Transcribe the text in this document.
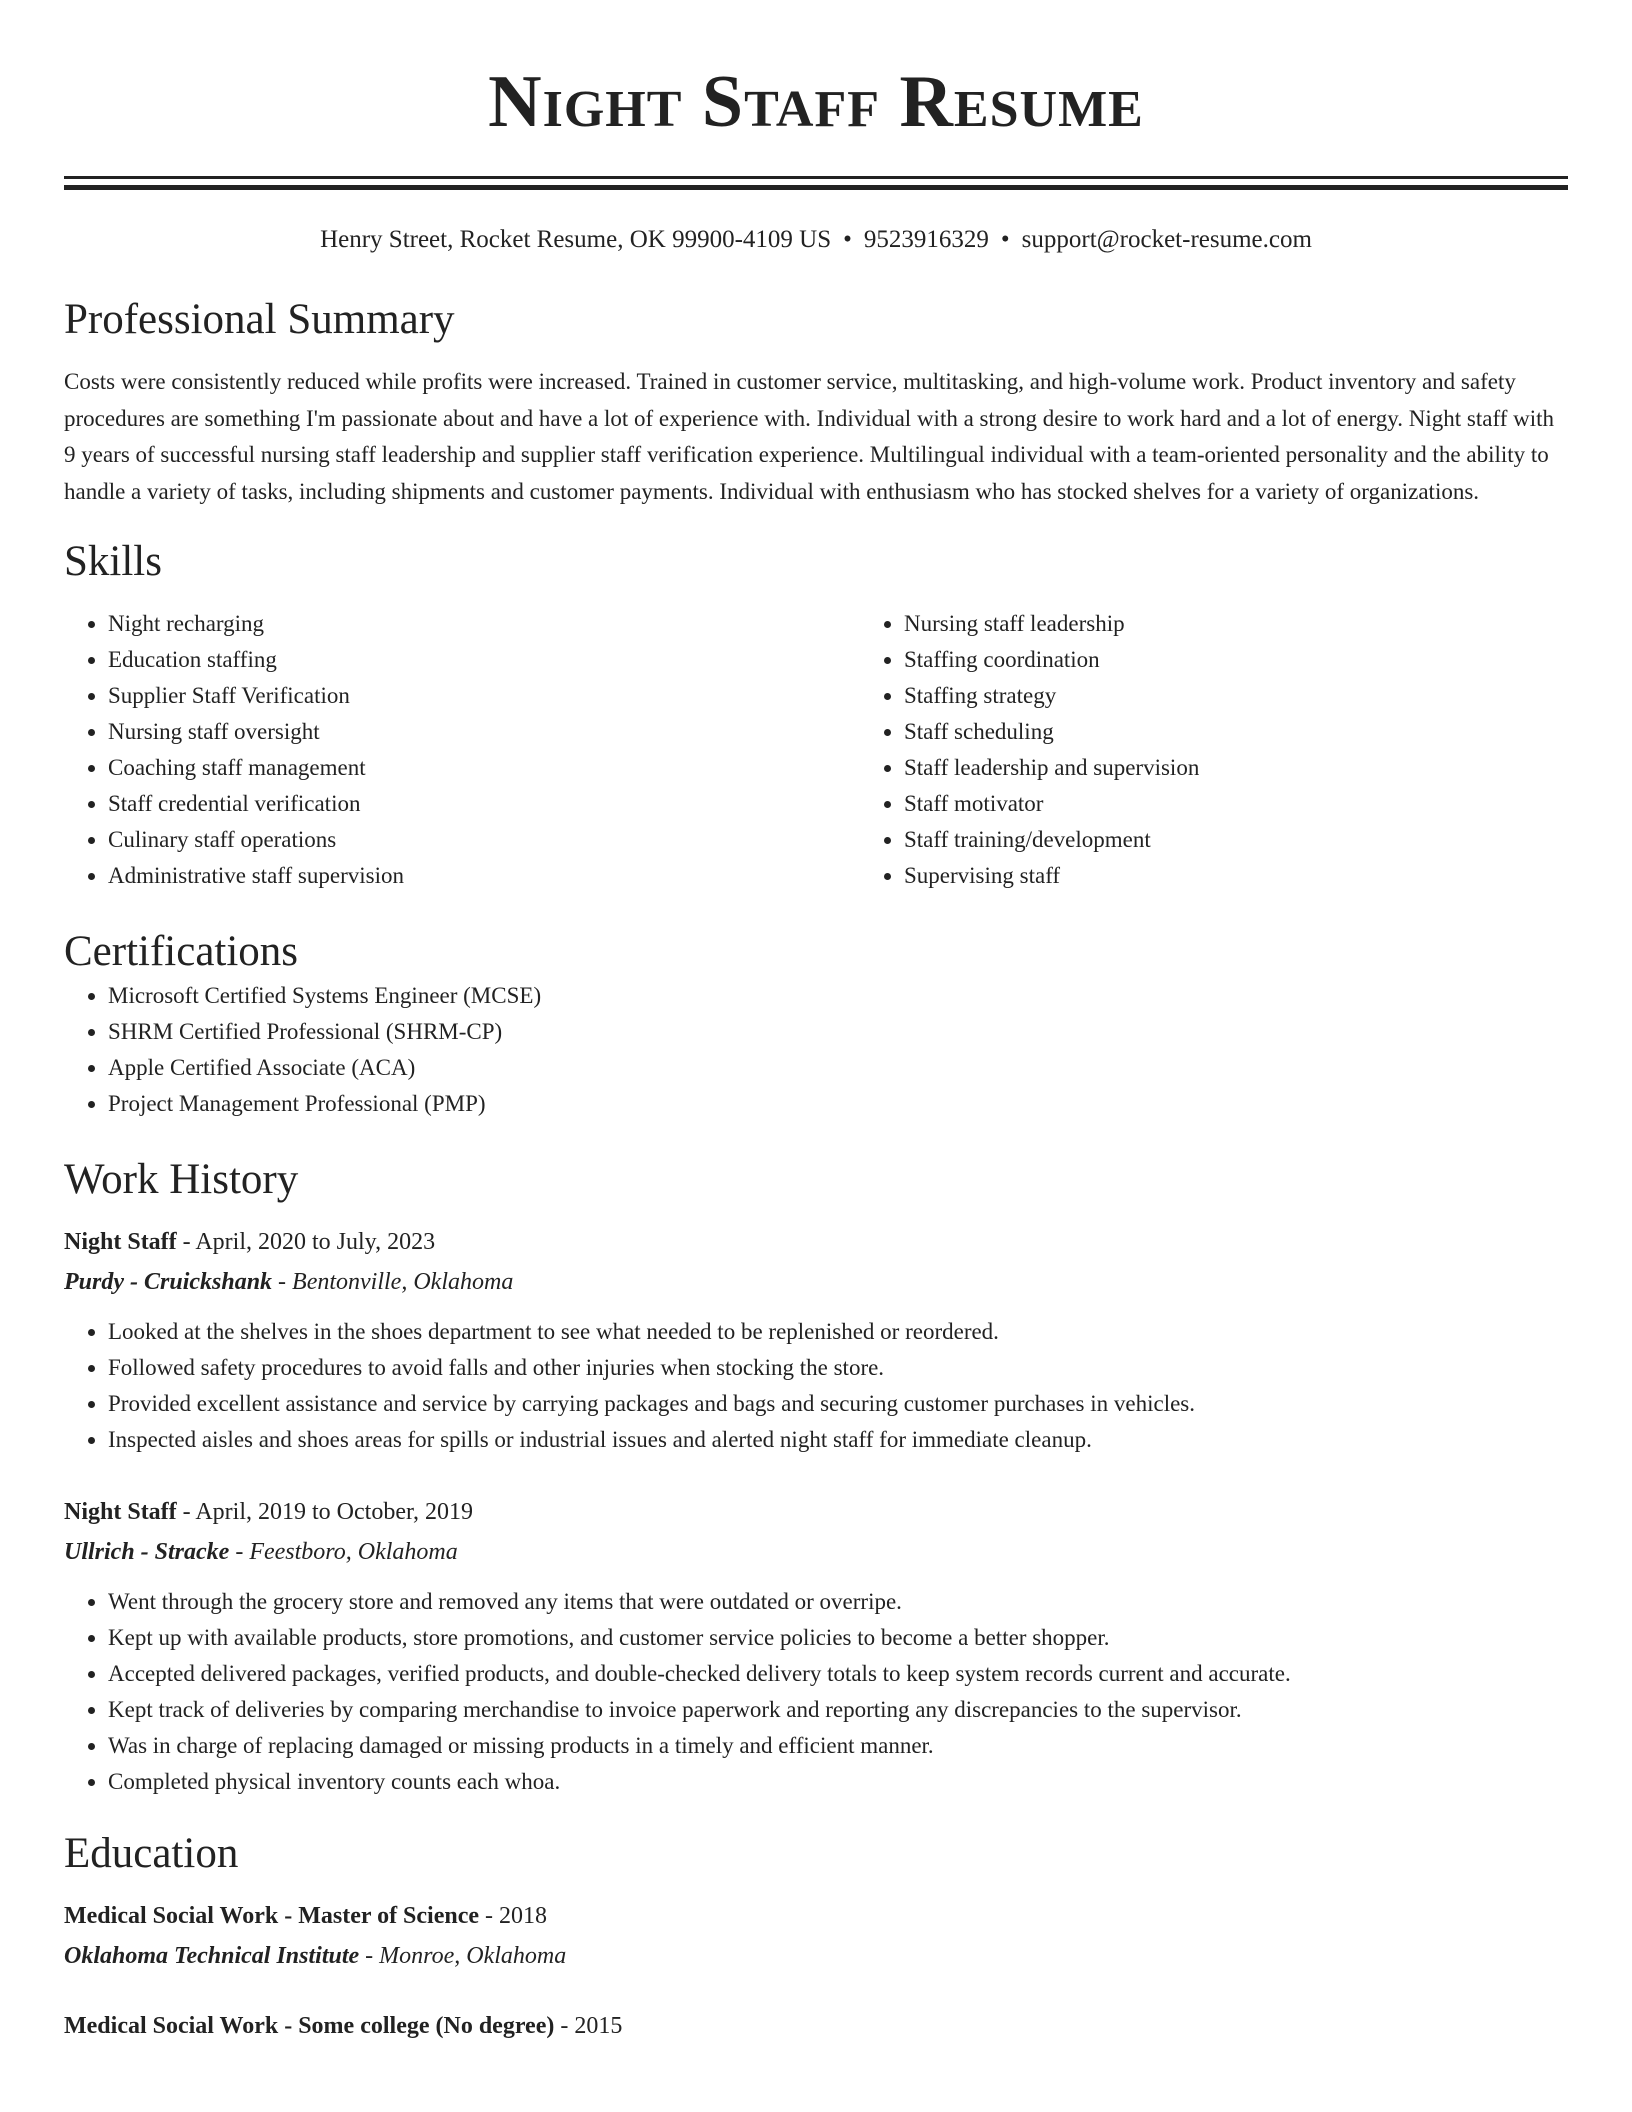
Night Staff Resume
Henry Street, Rocket Resume, OK 99900-4109 US • 9523916329 • support@rocket-resume.com
Professional Summary

Costs were consistently reduced while profits were increased. Trained in customer service, multitasking, and high-volume work. Product inventory and safety procedures are something I'm passionate about and have a lot of experience with. Individual with a strong desire to work hard and a lot of energy. Night staff with 9 years of successful nursing staff leadership and supplier staff verification experience. Multilingual individual with a team-oriented personality and the ability to handle a variety of tasks, including shipments and customer payments. Individual with enthusiasm who has stocked shelves for a variety of organizations.

Skills
• Night recharging
• Education staffing
• Supplier Staff Verification
• Nursing staff oversight
• Coaching staff management
• Staff credential verification
• Culinary staff operations
• Administrative staff supervision
• Nursing staff leadership
• Staffing coordination
• Staffing strategy
• Staff scheduling
• Staff leadership and supervision
• Staff motivator
• Staff training/development
• Supervising staff
Certifications
• Microsoft Certified Systems Engineer (MCSE)
• SHRM Certified Professional (SHRM-CP)
• Apple Certified Associate (ACA)
• Project Management Professional (PMP)
Work History
Night Staff - April, 2020 to July, 2023
Purdy - Cruickshank - Bentonville, Oklahoma
• Looked at the shelves in the shoes department to see what needed to be replenished or reordered.
• Followed safety procedures to avoid falls and other injuries when stocking the store.
• Provided excellent assistance and service by carrying packages and bags and securing customer purchases in vehicles.
• Inspected aisles and shoes areas for spills or industrial issues and alerted night staff for immediate cleanup.
Night Staff - April, 2019 to October, 2019
Ullrich - Stracke - Feestboro, Oklahoma
• Went through the grocery store and removed any items that were outdated or overripe.
• Kept up with available products, store promotions, and customer service policies to become a better shopper.
• Accepted delivered packages, verified products, and double-checked delivery totals to keep system records current and accurate.
• Kept track of deliveries by comparing merchandise to invoice paperwork and reporting any discrepancies to the supervisor.
• Was in charge of replacing damaged or missing products in a timely and efficient manner.
• Completed physical inventory counts each whoa.
Education
Medical Social Work - Master of Science - 2018
Oklahoma Technical Institute - Monroe, Oklahoma
Medical Social Work - Some college (No degree) - 2015
